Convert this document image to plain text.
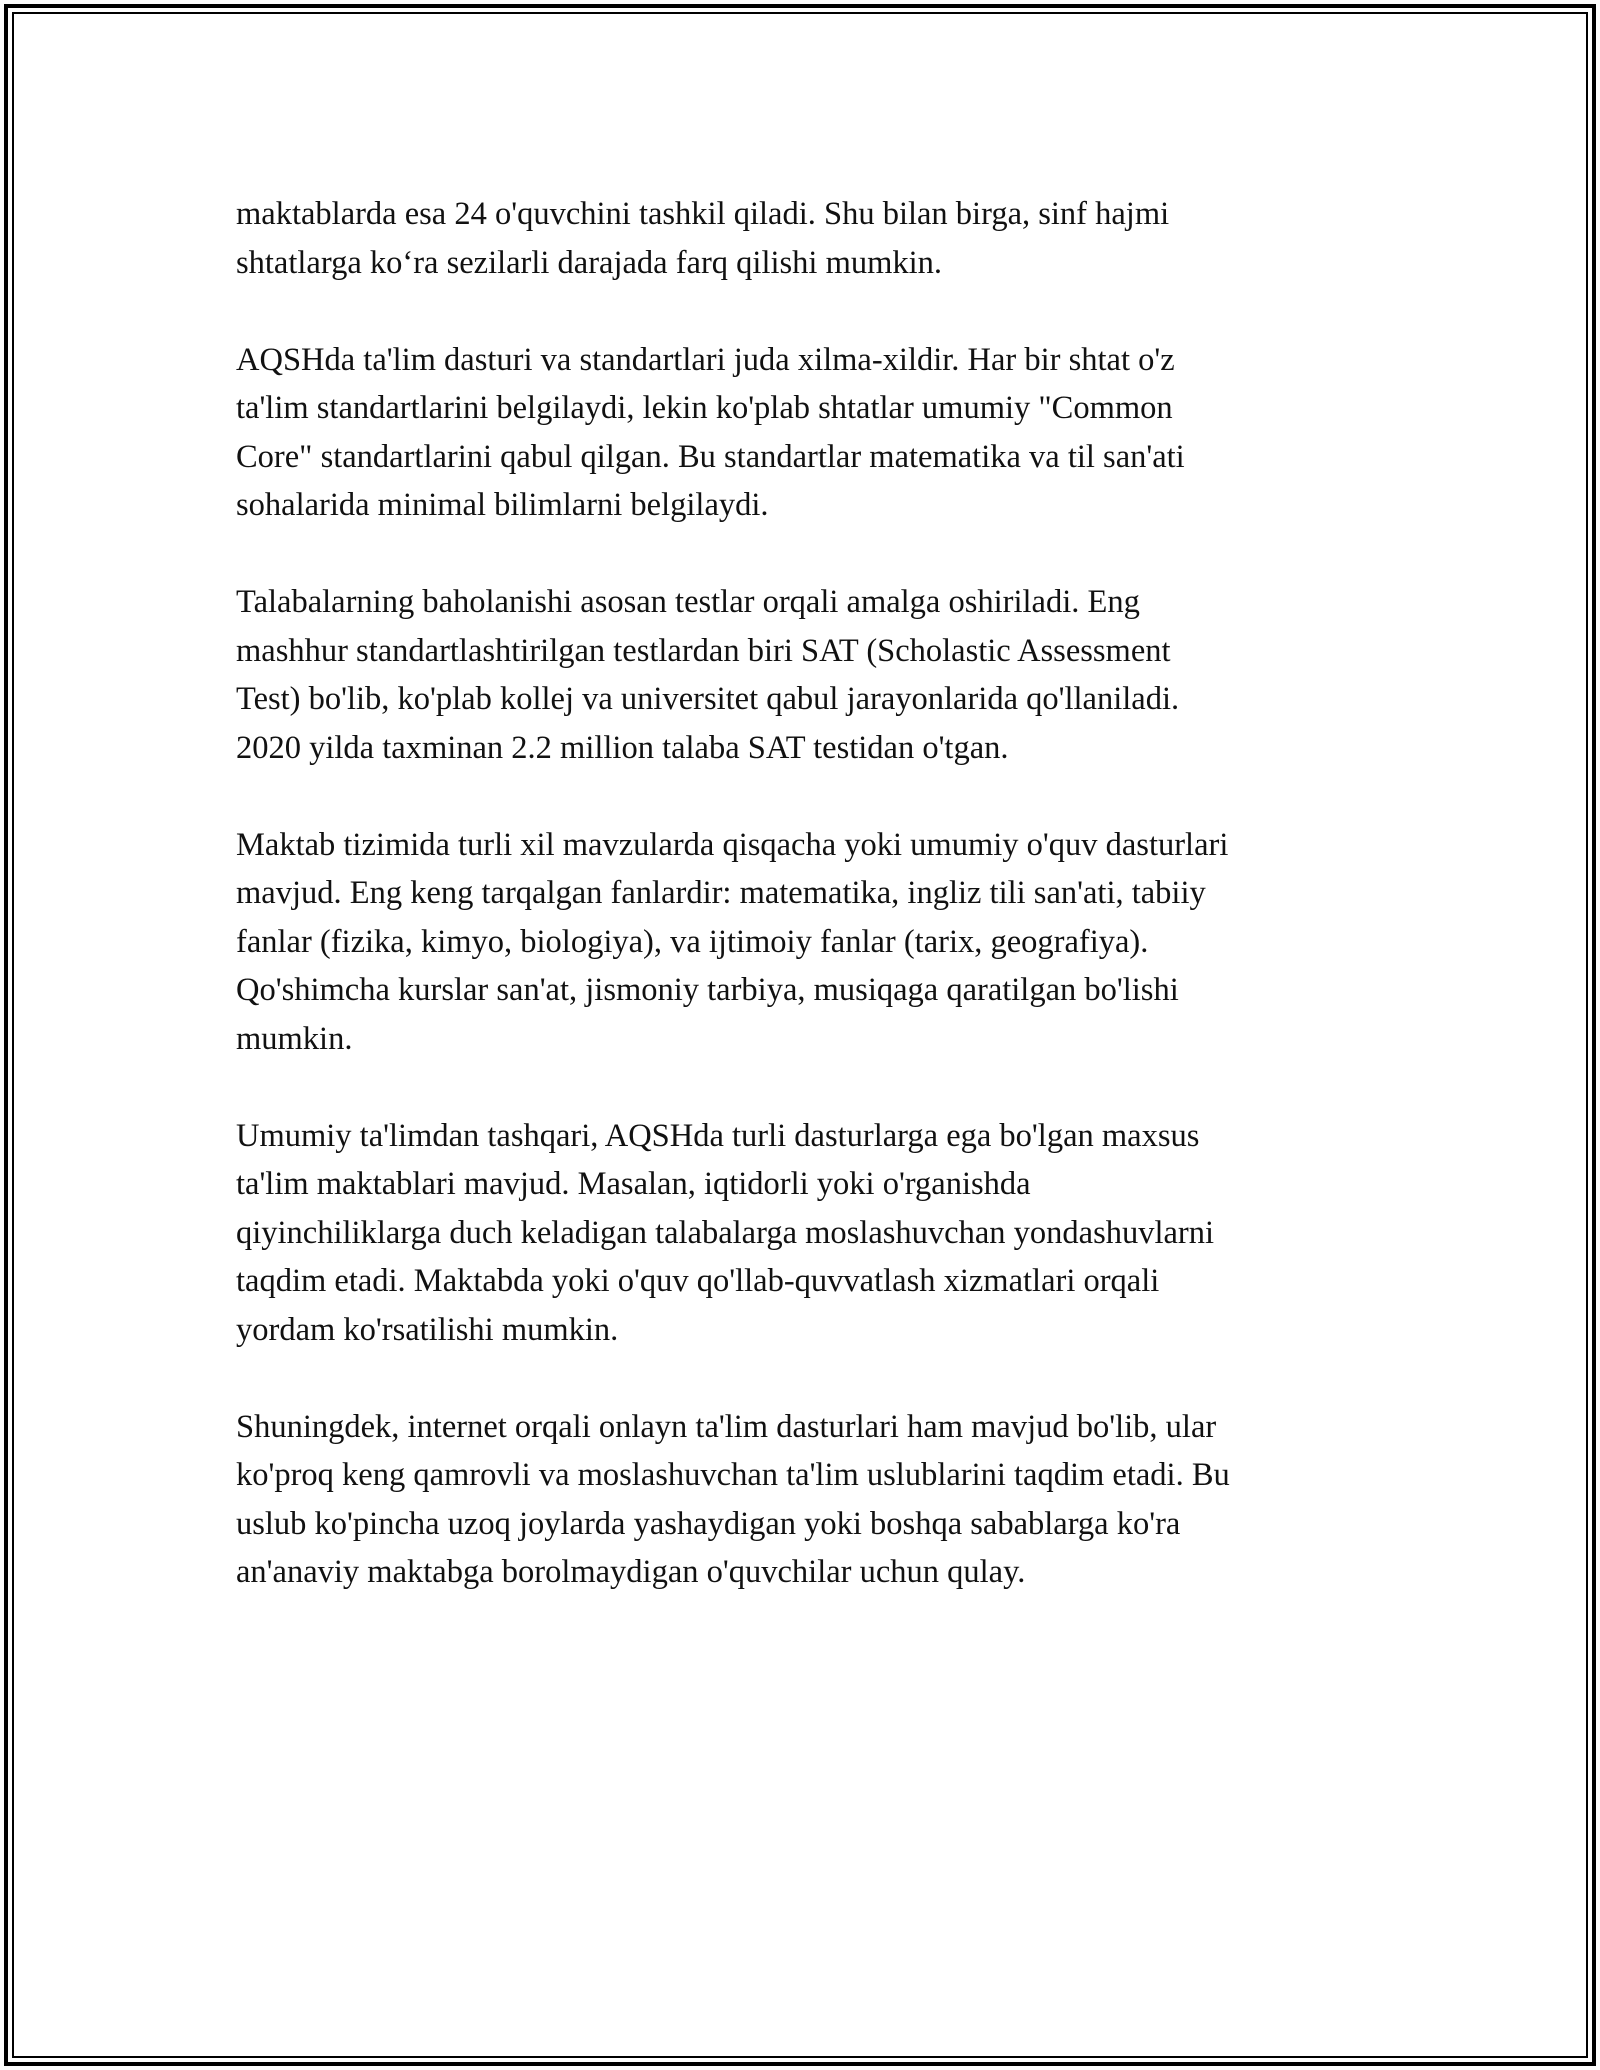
maktablarda esa 24 o'quvchini tashkil qiladi. Shu bilan birga, sinf hajmi
shtatlarga ko‘ra sezilarli darajada farq qilishi mumkin.

AQSHda ta'lim dasturi va standartlari juda xilma-xildir. Har bir shtat o'z
ta'lim standartlarini belgilaydi, lekin ko'plab shtatlar umumiy "Common
Core" standartlarini qabul qilgan. Bu standartlar matematika va til san'ati
sohalarida minimal bilimlarni belgilaydi.

Talabalarning baholanishi asosan testlar orqali amalga oshiriladi. Eng
mashhur standartlashtirilgan testlardan biri SAT (Scholastic Assessment
Test) bo'lib, ko'plab kollej va universitet qabul jarayonlarida qo'llaniladi.
2020 yilda taxminan 2.2 million talaba SAT testidan o'tgan.

Maktab tizimida turli xil mavzularda qisqacha yoki umumiy o'quv dasturlari
mavjud. Eng keng tarqalgan fanlardir: matematika, ingliz tili san'ati, tabiiy
fanlar (fizika, kimyo, biologiya), va ijtimoiy fanlar (tarix, geografiya).
Qo'shimcha kurslar san'at, jismoniy tarbiya, musiqaga qaratilgan bo'lishi
mumkin.

Umumiy ta'limdan tashqari, AQSHda turli dasturlarga ega bo'lgan maxsus
ta'lim maktablari mavjud. Masalan, iqtidorli yoki o'rganishda
qiyinchiliklarga duch keladigan talabalarga moslashuvchan yondashuvlarni
taqdim etadi. Maktabda yoki o'quv qo'llab-quvvatlash xizmatlari orqali
yordam ko'rsatilishi mumkin.

Shuningdek, internet orqali onlayn ta'lim dasturlari ham mavjud bo'lib, ular
ko'proq keng qamrovli va moslashuvchan ta'lim uslublarini taqdim etadi. Bu
uslub ko'pincha uzoq joylarda yashaydigan yoki boshqa sabablarga ko'ra
an'anaviy maktabga borolmaydigan o'quvchilar uchun qulay.
